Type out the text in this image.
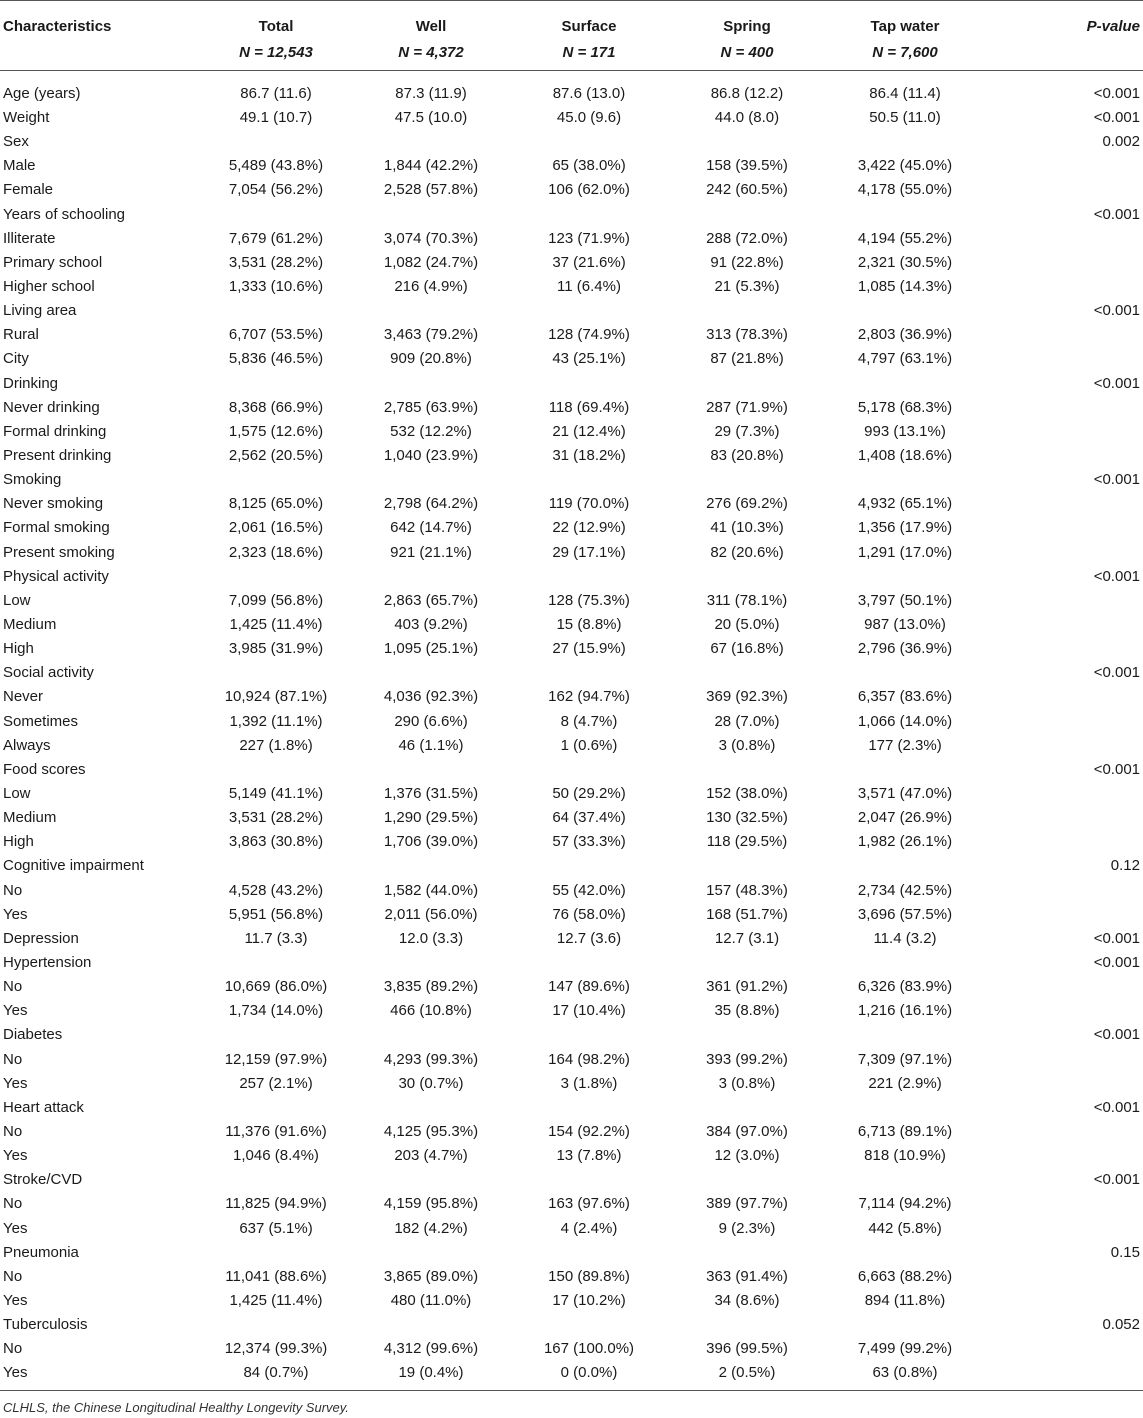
Characteristics	Total	Well	Surface	Spring	Tap water	P-value
	N = 12,543	N = 4,372	N = 171	N = 400	N = 7,600	
Age (years)	86.7 (11.6)	87.3 (11.9)	87.6 (13.0)	86.8 (12.2)	86.4 (11.4)	<0.001
Weight	49.1 (10.7)	47.5 (10.0)	45.0 (9.6)	44.0 (8.0)	50.5 (11.0)	<0.001
Sex						0.002
Male	5,489 (43.8%)	1,844 (42.2%)	65 (38.0%)	158 (39.5%)	3,422 (45.0%)	
Female	7,054 (56.2%)	2,528 (57.8%)	106 (62.0%)	242 (60.5%)	4,178 (55.0%)	
Years of schooling						<0.001
Illiterate	7,679 (61.2%)	3,074 (70.3%)	123 (71.9%)	288 (72.0%)	4,194 (55.2%)	
Primary school	3,531 (28.2%)	1,082 (24.7%)	37 (21.6%)	91 (22.8%)	2,321 (30.5%)	
Higher school	1,333 (10.6%)	216 (4.9%)	11 (6.4%)	21 (5.3%)	1,085 (14.3%)	
Living area						<0.001
Rural	6,707 (53.5%)	3,463 (79.2%)	128 (74.9%)	313 (78.3%)	2,803 (36.9%)	
City	5,836 (46.5%)	909 (20.8%)	43 (25.1%)	87 (21.8%)	4,797 (63.1%)	
Drinking						<0.001
Never drinking	8,368 (66.9%)	2,785 (63.9%)	118 (69.4%)	287 (71.9%)	5,178 (68.3%)	
Formal drinking	1,575 (12.6%)	532 (12.2%)	21 (12.4%)	29 (7.3%)	993 (13.1%)	
Present drinking	2,562 (20.5%)	1,040 (23.9%)	31 (18.2%)	83 (20.8%)	1,408 (18.6%)	
Smoking						<0.001
Never smoking	8,125 (65.0%)	2,798 (64.2%)	119 (70.0%)	276 (69.2%)	4,932 (65.1%)	
Formal smoking	2,061 (16.5%)	642 (14.7%)	22 (12.9%)	41 (10.3%)	1,356 (17.9%)	
Present smoking	2,323 (18.6%)	921 (21.1%)	29 (17.1%)	82 (20.6%)	1,291 (17.0%)	
Physical activity						<0.001
Low	7,099 (56.8%)	2,863 (65.7%)	128 (75.3%)	311 (78.1%)	3,797 (50.1%)	
Medium	1,425 (11.4%)	403 (9.2%)	15 (8.8%)	20 (5.0%)	987 (13.0%)	
High	3,985 (31.9%)	1,095 (25.1%)	27 (15.9%)	67 (16.8%)	2,796 (36.9%)	
Social activity						<0.001
Never	10,924 (87.1%)	4,036 (92.3%)	162 (94.7%)	369 (92.3%)	6,357 (83.6%)	
Sometimes	1,392 (11.1%)	290 (6.6%)	8 (4.7%)	28 (7.0%)	1,066 (14.0%)	
Always	227 (1.8%)	46 (1.1%)	1 (0.6%)	3 (0.8%)	177 (2.3%)	
Food scores						<0.001
Low	5,149 (41.1%)	1,376 (31.5%)	50 (29.2%)	152 (38.0%)	3,571 (47.0%)	
Medium	3,531 (28.2%)	1,290 (29.5%)	64 (37.4%)	130 (32.5%)	2,047 (26.9%)	
High	3,863 (30.8%)	1,706 (39.0%)	57 (33.3%)	118 (29.5%)	1,982 (26.1%)	
Cognitive impairment						0.12
No	4,528 (43.2%)	1,582 (44.0%)	55 (42.0%)	157 (48.3%)	2,734 (42.5%)	
Yes	5,951 (56.8%)	2,011 (56.0%)	76 (58.0%)	168 (51.7%)	3,696 (57.5%)	
Depression	11.7 (3.3)	12.0 (3.3)	12.7 (3.6)	12.7 (3.1)	11.4 (3.2)	<0.001
Hypertension						<0.001
No	10,669 (86.0%)	3,835 (89.2%)	147 (89.6%)	361 (91.2%)	6,326 (83.9%)	
Yes	1,734 (14.0%)	466 (10.8%)	17 (10.4%)	35 (8.8%)	1,216 (16.1%)	
Diabetes						<0.001
No	12,159 (97.9%)	4,293 (99.3%)	164 (98.2%)	393 (99.2%)	7,309 (97.1%)	
Yes	257 (2.1%)	30 (0.7%)	3 (1.8%)	3 (0.8%)	221 (2.9%)	
Heart attack						<0.001
No	11,376 (91.6%)	4,125 (95.3%)	154 (92.2%)	384 (97.0%)	6,713 (89.1%)	
Yes	1,046 (8.4%)	203 (4.7%)	13 (7.8%)	12 (3.0%)	818 (10.9%)	
Stroke/CVD						<0.001
No	11,825 (94.9%)	4,159 (95.8%)	163 (97.6%)	389 (97.7%)	7,114 (94.2%)	
Yes	637 (5.1%)	182 (4.2%)	4 (2.4%)	9 (2.3%)	442 (5.8%)	
Pneumonia						0.15
No	11,041 (88.6%)	3,865 (89.0%)	150 (89.8%)	363 (91.4%)	6,663 (88.2%)	
Yes	1,425 (11.4%)	480 (11.0%)	17 (10.2%)	34 (8.6%)	894 (11.8%)	
Tuberculosis						0.052
No	12,374 (99.3%)	4,312 (99.6%)	167 (100.0%)	396 (99.5%)	7,499 (99.2%)	
Yes	84 (0.7%)	19 (0.4%)	0 (0.0%)	2 (0.5%)	63 (0.8%)	
CLHLS, the Chinese Longitudinal Healthy Longevity Survey.
